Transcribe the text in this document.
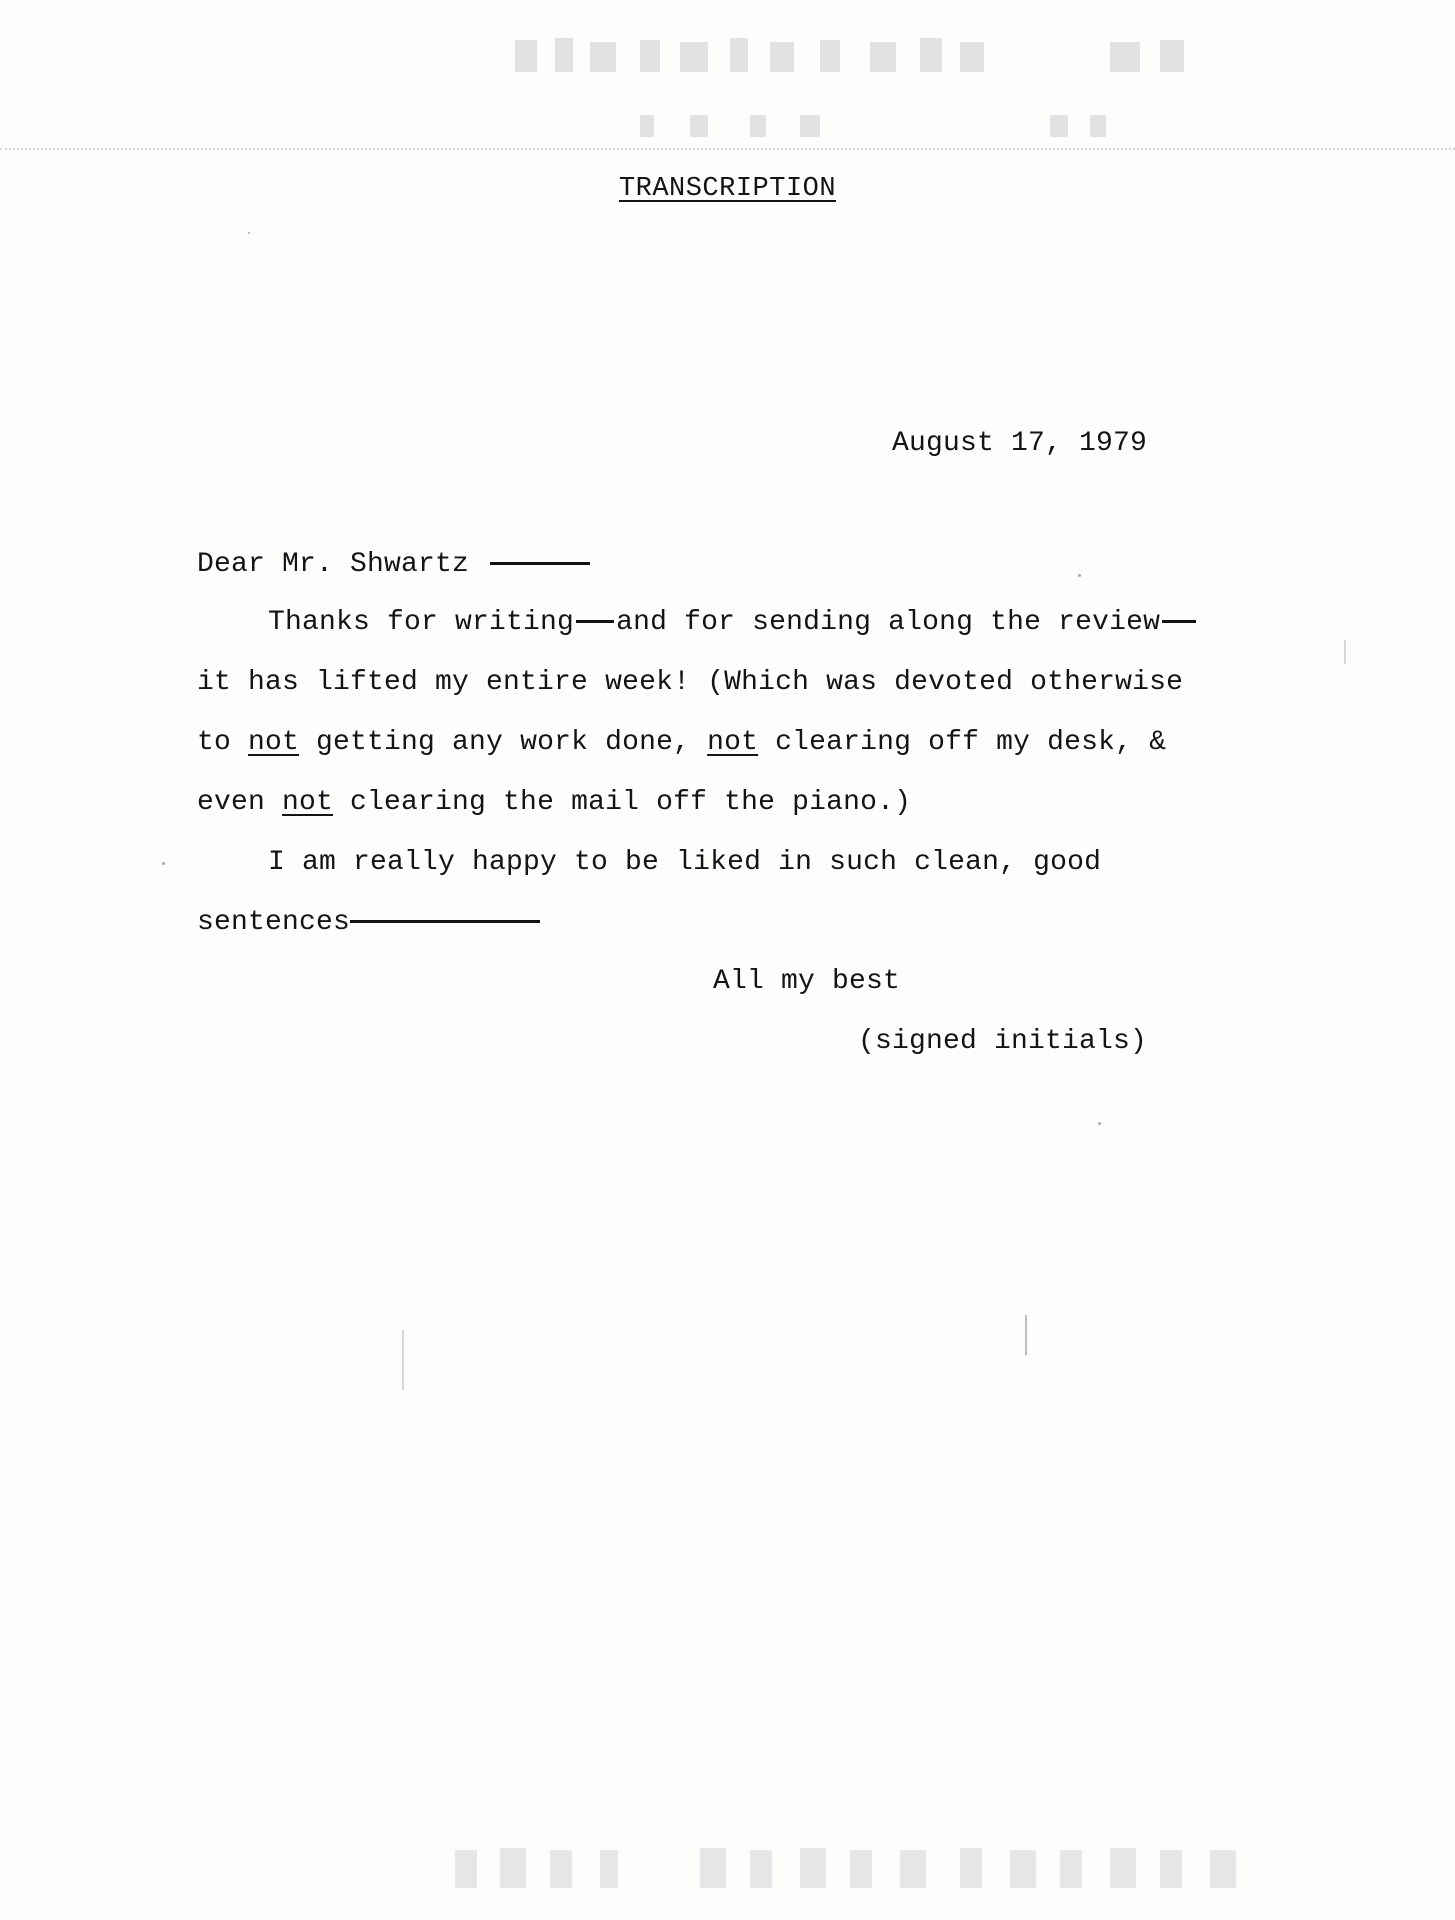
TRANSCRIPTION
August 17, 1979
Dear Mr. Shwartz
Thanks for writing and for sending along the review
it has lifted my entire week! (Which was devoted otherwise
to not getting any work done, not clearing off my desk, &
even not clearing the mail off the piano.)
I am really happy to be liked in such clean, good
sentences
All my best
(signed initials)
